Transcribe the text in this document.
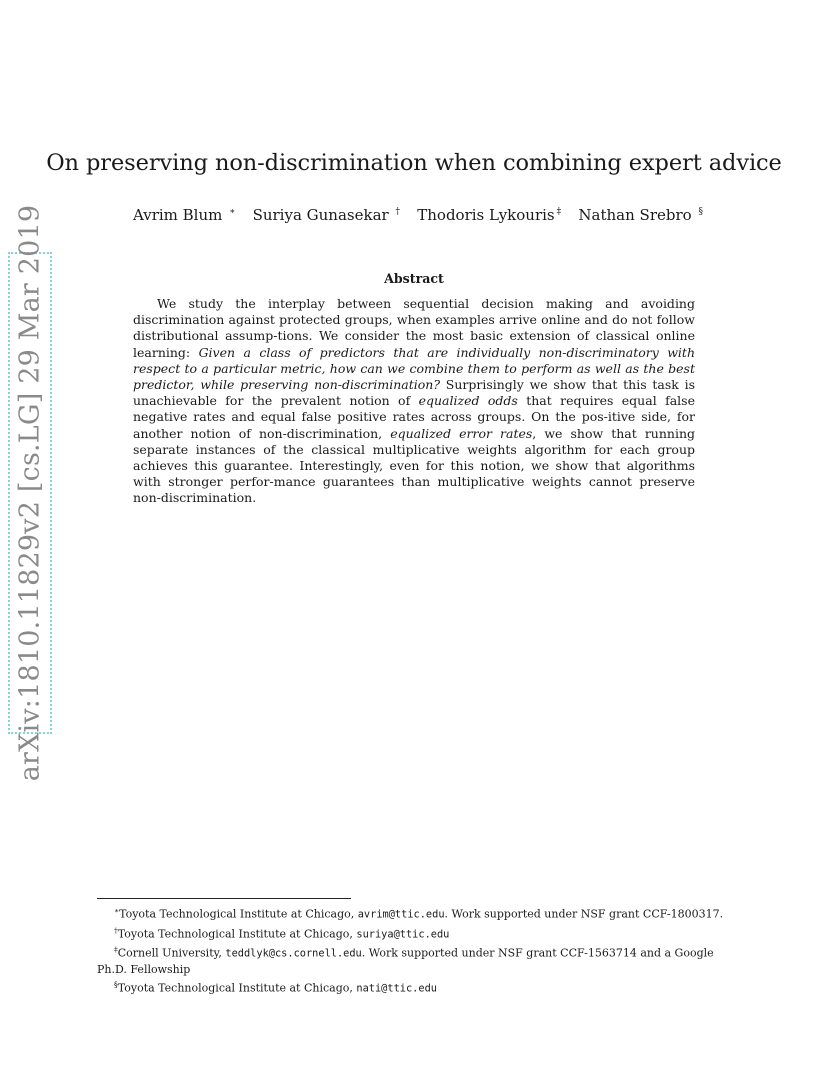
arXiv:1810.11829v2 [cs.LG] 29 Mar 2019
On preserving non-discrimination when combining expert advice
Avrim Blum ∗ Suriya Gunasekar † Thodoris Lykouris ‡ Nathan Srebro §
Abstract
We study the interplay between sequential decision making and avoiding discrimination against protected groups, when examples arrive online and do not follow distributional assump-tions. We consider the most basic extension of classical online learning: Given a class of predictors that are individually non-discriminatory with respect to a particular metric, how can we combine them to perform as well as the best predictor, while preserving non-discrimination? Surprisingly we show that this task is unachievable for the prevalent notion of equalized odds that requires equal false negative rates and equal false positive rates across groups. On the pos-itive side, for another notion of non-discrimination, equalized error rates, we show that running separate instances of the classical multiplicative weights algorithm for each group achieves this guarantee. Interestingly, even for this notion, we show that algorithms with stronger perfor-mance guarantees than multiplicative weights cannot preserve non-discrimination.

∗Toyota Technological Institute at Chicago, avrim@ttic.edu. Work supported under NSF grant CCF-1800317.

†Toyota Technological Institute at Chicago, suriya@ttic.edu

‡Cornell University, teddlyk@cs.cornell.edu. Work supported under NSF grant CCF-1563714 and a Google Ph.D. Fellowship

§Toyota Technological Institute at Chicago, nati@ttic.edu
